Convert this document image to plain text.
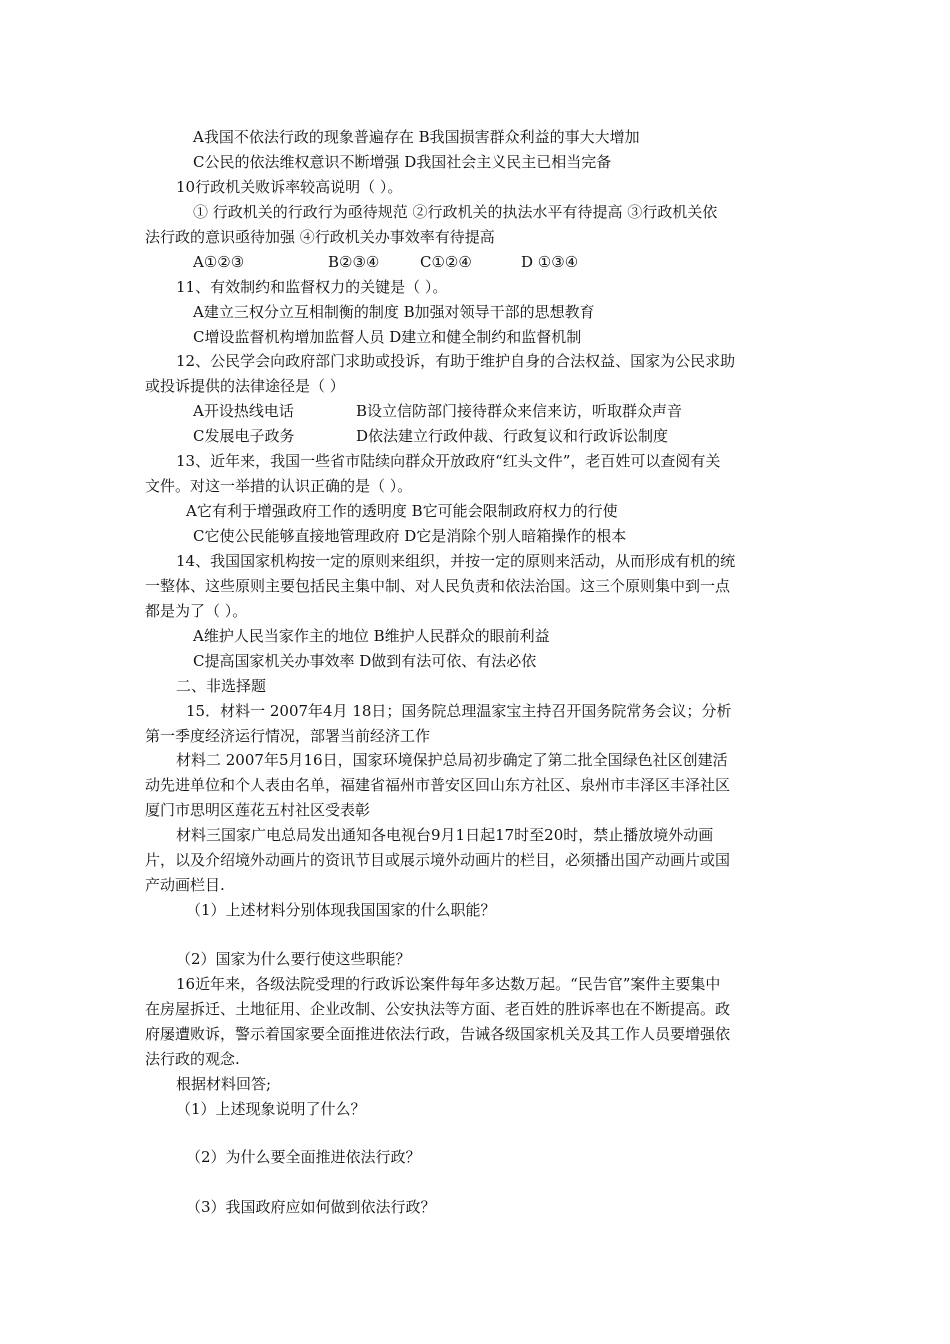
A我国不依法行政的现象普遍存在 B我国损害群众利益的事大大增加
C公民的依法维权意识不断增强 D我国社会主义民主已相当完备
10行政机关败诉率较高说明（ ）。
① 行政机关的行政行为亟待规范 ②行政机关的执法水平有待提高 ③行政机关依
法行政的意识亟待加强 ④行政机关办事效率有待提高
A①②③	B②③④	C①②④	D ①③④
11、有效制约和监督权力的关键是（ ）。
A建立三权分立互相制衡的制度 B加强对领导干部的思想教育
C增设监督机构增加监督人员 D建立和健全制约和监督机制
12、公民学会向政府部门求助或投诉，有助于维护自身的合法权益、国家为公民求助
或投诉提供的法律途径是（ ）
A开设热线电话	B设立信防部门接待群众来信来访，听取群众声音
C发展电子政务	D依法建立行政仲裁、行政复议和行政诉讼制度
13、近年来，我国一些省市陆续向群众开放政府“红头文件”，老百姓可以查阅有关
文件。对这一举措的认识正确的是（ ）。
A它有利于增强政府工作的透明度 B它可能会限制政府权力的行使
C它使公民能够直接地管理政府 D它是消除个别人暗箱操作的根本
14、我国国家机构按一定的原则来组织，并按一定的原则来活动，从而形成有机的统
一整体、这些原则主要包括民主集中制、对人民负责和依法治国。这三个原则集中到一点
都是为了（ ）。
A维护人民当家作主的地位 B维护人民群众的眼前利益
C提高国家机关办事效率 D做到有法可依、有法必依
二、非选择题
15．材料一 2007年4月 18日；国务院总理温家宝主持召开国务院常务会议；分析
第一季度经济运行情况，部署当前经济工作
材料二 2007年5月16日，国家环境保护总局初步确定了第二批全国绿色社区创建活
动先进单位和个人表由名单，福建省福州市普安区回山东方社区、泉州市丰泽区丰泽社区
厦门市思明区莲花五村社区受表彰
材料三国家广电总局发出通知各电视台9月1日起17时至20时，禁止播放境外动画
片，以及介绍境外动画片的资讯节目或展示境外动画片的栏目，必须播出国产动画片或国
产动画栏目.
（1）上述材料分别体现我国国家的什么职能？
（2）国家为什么要行使这些职能？
16近年来，各级法院受理的行政诉讼案件每年多达数万起。“民告官”案件主要集中
在房屋拆迁、土地征用、企业改制、公安执法等方面、老百姓的胜诉率也在不断提高。政
府屡遭败诉，警示着国家要全面推进依法行政，告诫各级国家机关及其工作人员要增强依
法行政的观念.
根据材料回答;
（1）上述现象说明了什么？
（2）为什么要全面推进依法行政？
（3）我国政府应如何做到依法行政？
